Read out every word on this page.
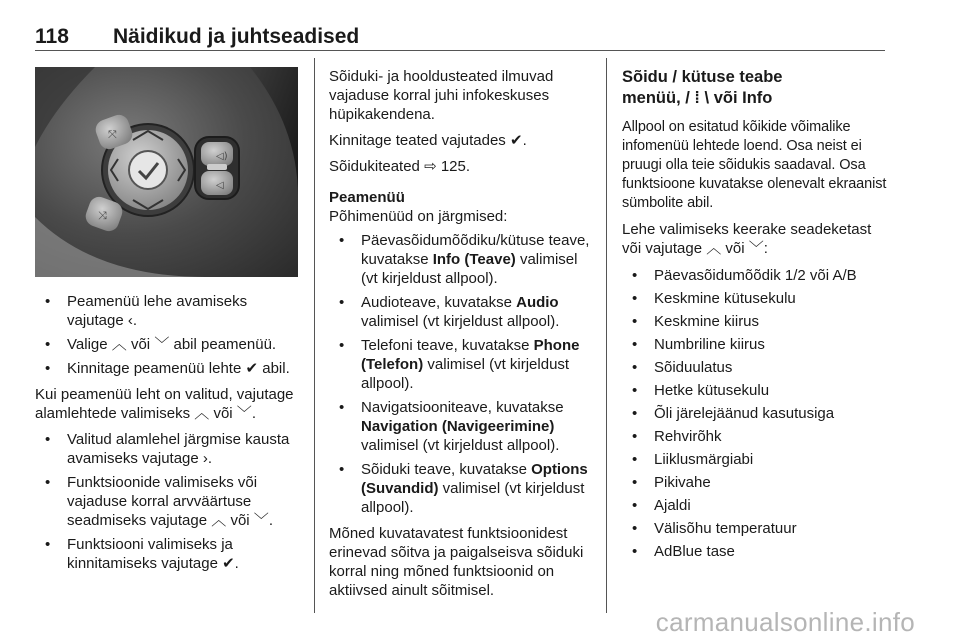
118 Näidikud ja juhtseadised
⤧
⤨
◁)
◁
• Peamenüü lehe avamiseks vajutage ‹.
• Valige ︿ või ﹀ abil peamenüü.
• Kinnitage peamenüü lehte ✔ abil.

Kui peamenüü leht on valitud, vajutage alamlehtede valimiseks ︿ või ﹀.

• Valitud alamlehel järgmise kausta avamiseks vajutage ›.
• Funktsioonide valimiseks või vajaduse korral arvväärtuse seadmiseks vajutage ︿ või ﹀.
• Funktsiooni valimiseks ja kinnitamiseks vajutage ✔.

Sõiduki- ja hooldusteated ilmuvad vajaduse korral juhi infokeskuses hüpikakendena.

Kinnitage teated vajutades ✔.

Sõidukiteated ⇨ 125.

Peamenüü

Põhimenüüd on järgmised:

• Päevasõidumõõdiku/kütuse teave, kuvatakse Info (Teave) valimisel (vt kirjeldust allpool).
• Audioteave, kuvatakse Audio valimisel (vt kirjeldust allpool).
• Telefoni teave, kuvatakse Phone (Telefon) valimisel (vt kirjeldust allpool).
• Navigatsiooniteave, kuvatakse Navigation (Navigeerimine) valimisel (vt kirjeldust allpool).
• Sõiduki teave, kuvatakse Options (Suvandid) valimisel (vt kirjeldust allpool).

Mõned kuvatavatest funktsioonidest erinevad sõitva ja paigalseisva sõiduki korral ning mõned funktsioonid on aktiivsed ainult sõitmisel.

Sõidu / kütuse teabe
menüü, / ⁞ \ või Info

Allpool on esitatud kõikide võimalike infomenüü lehtede loend. Osa neist ei pruugi olla teie sõidukis saadaval. Osa funktsioone kuvatakse olenevalt ekraanist sümbolite abil.

Lehe valimiseks keerake seadeketast või vajutage ︿ või ﹀:

• Päevasõidumõõdik 1/2 või A/B
• Keskmine kütusekulu
• Keskmine kiirus
• Numbriline kiirus
• Sõiduulatus
• Hetke kütusekulu
• Õli järelejäänud kasutusiga
• Rehvirõhk
• Liiklusmärgiabi
• Pikivahe
• Ajaldi
• Välisõhu temperatuur
• AdBlue tase
carmanualsonline.info
